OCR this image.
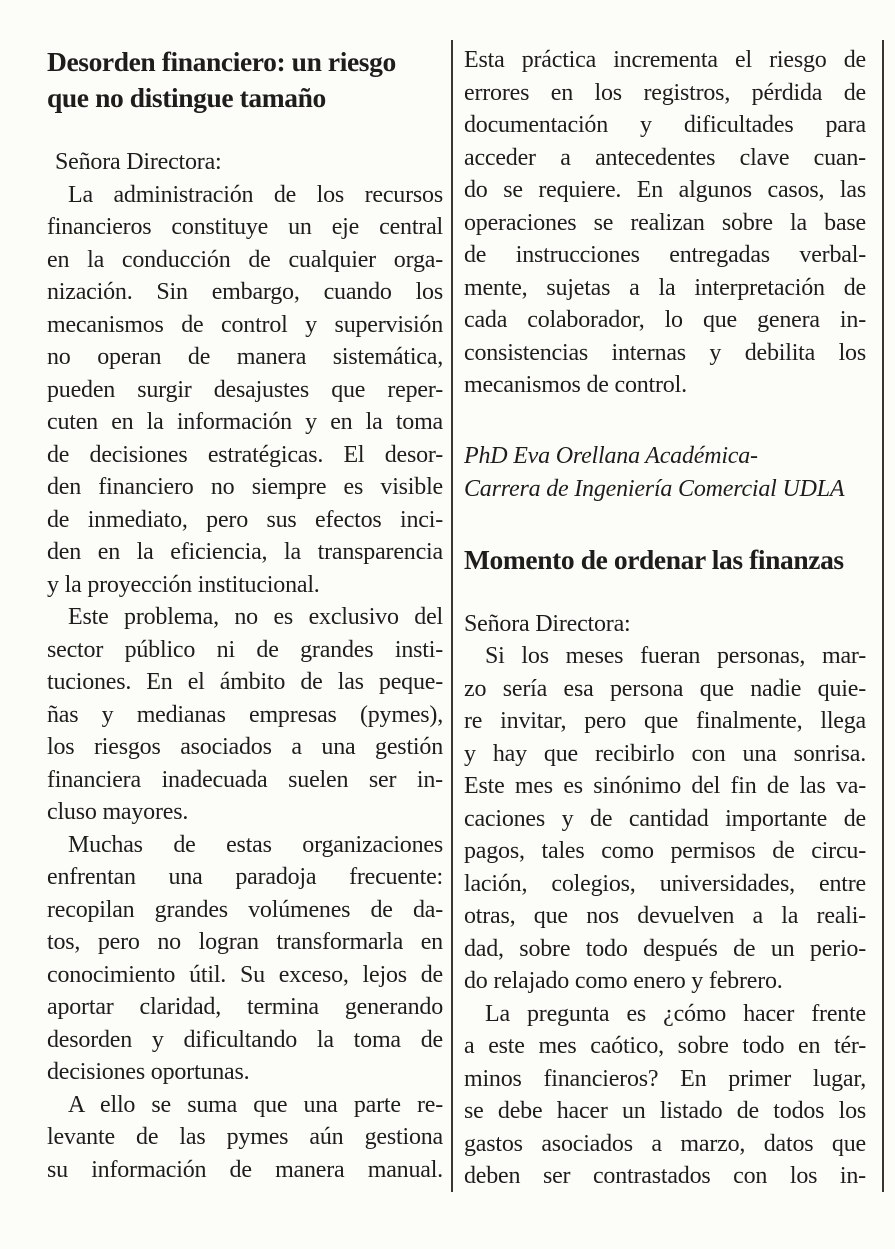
Desorden financiero: un riesgo
que no distingue tamaño
Señora Directora:
La administración de los recursos
financieros constituye un eje central
en la conducción de cualquier orga-
nización. Sin embargo, cuando los
mecanismos de control y supervisión
no operan de manera sistemática,
pueden surgir desajustes que reper-
cuten en la información y en la toma
de decisiones estratégicas. El desor-
den financiero no siempre es visible
de inmediato, pero sus efectos inci-
den en la eficiencia, la transparencia
y la proyección institucional.
Este problema, no es exclusivo del
sector público ni de grandes insti-
tuciones. En el ámbito de las peque-
ñas y medianas empresas (pymes),
los riesgos asociados a una gestión
financiera inadecuada suelen ser in-
cluso mayores.
Muchas de estas organizaciones
enfrentan una paradoja frecuente:
recopilan grandes volúmenes de da-
tos, pero no logran transformarla en
conocimiento útil. Su exceso, lejos de
aportar claridad, termina generando
desorden y dificultando la toma de
decisiones oportunas.
A ello se suma que una parte re-
levante de las pymes aún gestiona
su información de manera manual.
Esta práctica incrementa el riesgo de
errores en los registros, pérdida de
documentación y dificultades para
acceder a antecedentes clave cuan-
do se requiere. En algunos casos, las
operaciones se realizan sobre la base
de instrucciones entregadas verbal-
mente, sujetas a la interpretación de
cada colaborador, lo que genera in-
consistencias internas y debilita los
mecanismos de control.
PhD Eva Orellana Académica-
Carrera de Ingeniería Comercial UDLA
Momento de ordenar las finanzas
Señora Directora:
Si los meses fueran personas, mar-
zo sería esa persona que nadie quie-
re invitar, pero que finalmente, llega
y hay que recibirlo con una sonrisa.
Este mes es sinónimo del fin de las va-
caciones y de cantidad importante de
pagos, tales como permisos de circu-
lación, colegios, universidades, entre
otras, que nos devuelven a la reali-
dad, sobre todo después de un perio-
do relajado como enero y febrero.
La pregunta es ¿cómo hacer frente
a este mes caótico, sobre todo en tér-
minos financieros? En primer lugar,
se debe hacer un listado de todos los
gastos asociados a marzo, datos que
deben ser contrastados con los in-
